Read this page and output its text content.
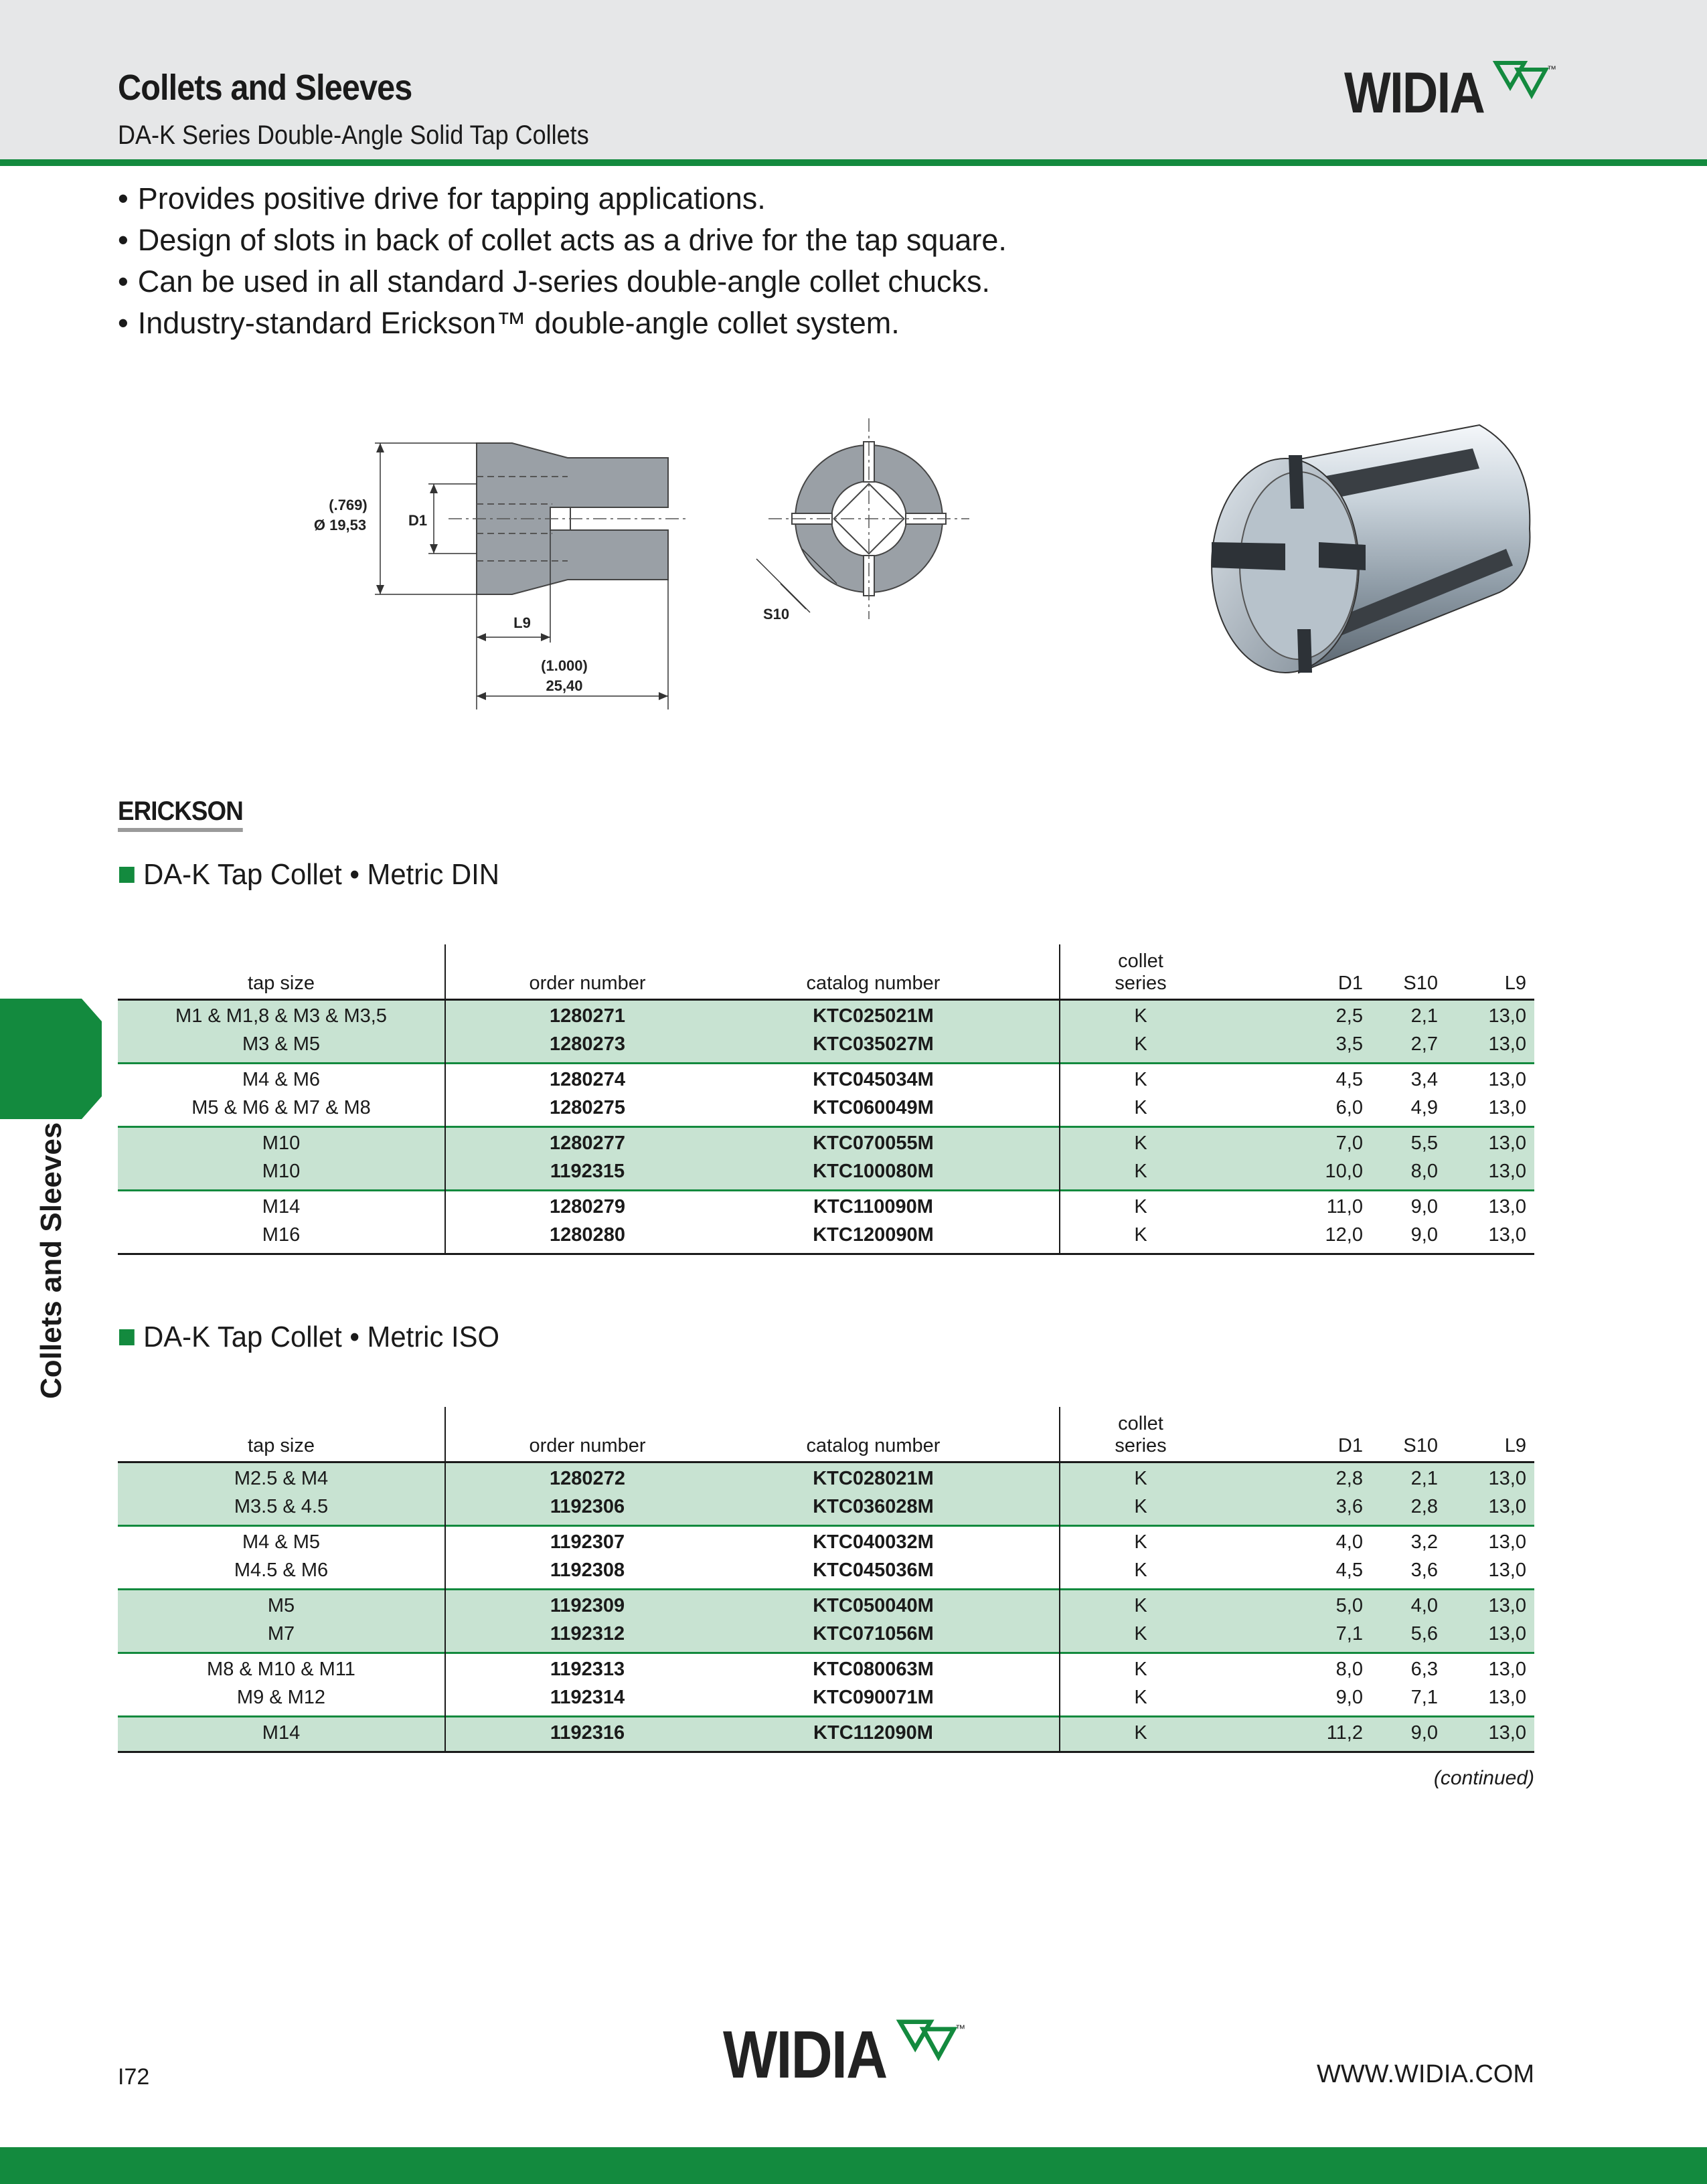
Collets and Sleeves
DA-K Series Double-Angle Solid Tap Collets
WIDIA	™
• Provides positive drive for tapping applications.
• Design of slots in back of collet acts as a drive for the tap square.
• Can be used in all standard J-series double-angle collet chucks.
• Industry-standard Erickson™ double-angle collet system.
(.769)
Ø 19,53	D1
L9
(1.000)
25,40
S10
ERICKSON
DA-K Tap Collet • Metric DIN
tap size	order number	catalog number
collet
series	D1	S10	L9
M1 & M1,8 & M3 & M3,5	1280271	KTC025021M	K	2,5	2,1	13,0
M3 & M5	1280273	KTC035027M	K	3,5	2,7	13,0
M4 & M6	1280274	KTC045034M	K	4,5	3,4	13,0
M5 & M6 & M7 & M8	1280275	KTC060049M	K	6,0	4,9	13,0
M10	1280277	KTC070055M	K	7,0	5,5	13,0
M10	1192315	KTC100080M	K	10,0	8,0	13,0
M14	1280279	KTC110090M	K	11,0	9,0	13,0
M16	1280280	KTC120090M	K	12,0	9,0	13,0
DA-K Tap Collet • Metric ISO
tap size	order number	catalog number
collet
series	D1	S10	L9
M2.5 & M4	1280272	KTC028021M	K	2,8	2,1	13,0
M3.5 & 4.5	1192306	KTC036028M	K	3,6	2,8	13,0
M4 & M5	1192307	KTC040032M	K	4,0	3,2	13,0
M4.5 & M6	1192308	KTC045036M	K	4,5	3,6	13,0
M5	1192309	KTC050040M	K	5,0	4,0	13,0
M7	1192312	KTC071056M	K	7,1	5,6	13,0
M8 & M10 & M11	1192313	KTC080063M	K	8,0	6,3	13,0
M9 & M12	1192314	KTC090071M	K	9,0	7,1	13,0
M14	1192316	KTC112090M	K	11,2	9,0	13,0
(continued)
Collets and Sleeves
I72	WIDIA	™
WWW.WIDIA.COM
